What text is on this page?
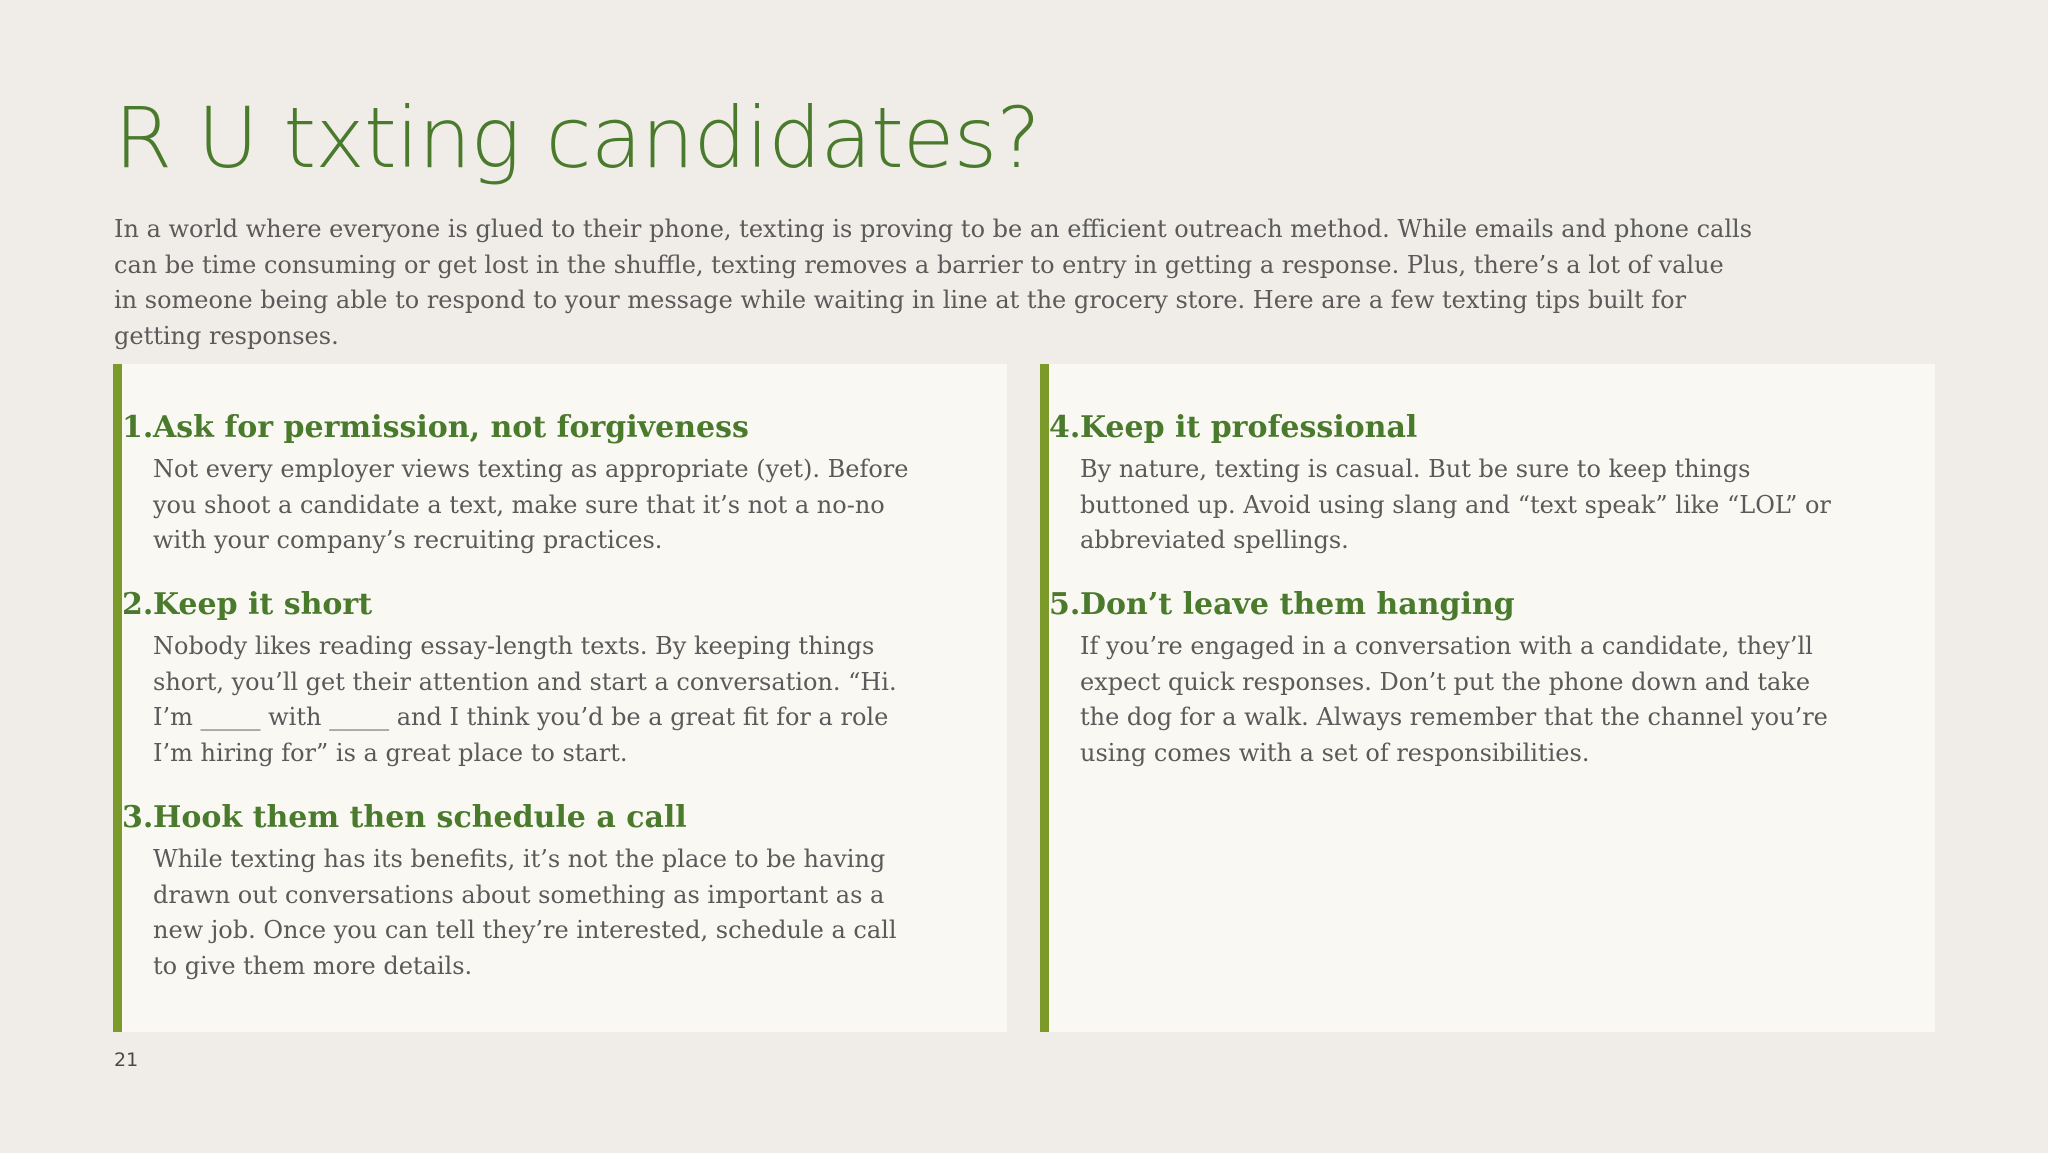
R U txting candidates?

In a world where everyone is glued to their phone, texting is proving to be an efficient outreach method. While emails and phone calls can be time consuming or get lost in the shuffle, texting removes a barrier to entry in getting a response. Plus, there’s a lot of value in someone being able to respond to your message while waiting in line at the grocery store. Here are a few texting tips built for getting responses.

1. Ask for permission, not forgiveness

Not every employer views texting as appropriate (yet). Before you shoot a candidate a text, make sure that it’s not a no-no with your company’s recruiting practices.

2. Keep it short

Nobody likes reading essay-length texts. By keeping things short, you’ll get their attention and start a conversation. “Hi. I’m _____ with _____ and I think you’d be a great fit for a role I’m hiring for” is a great place to start.

3. Hook them then schedule a call

While texting has its benefits, it’s not the place to be having drawn out conversations about something as important as a new job. Once you can tell they’re interested, schedule a call to give them more details.

4. Keep it professional

By nature, texting is casual. But be sure to keep things buttoned up. Avoid using slang and “text speak” like “LOL” or abbreviated spellings.

5. Don’t leave them hanging

If you’re engaged in a conversation with a candidate, they’ll expect quick responses. Don’t put the phone down and take the dog for a walk. Always remember that the channel you’re using comes with a set of responsibilities.

21
